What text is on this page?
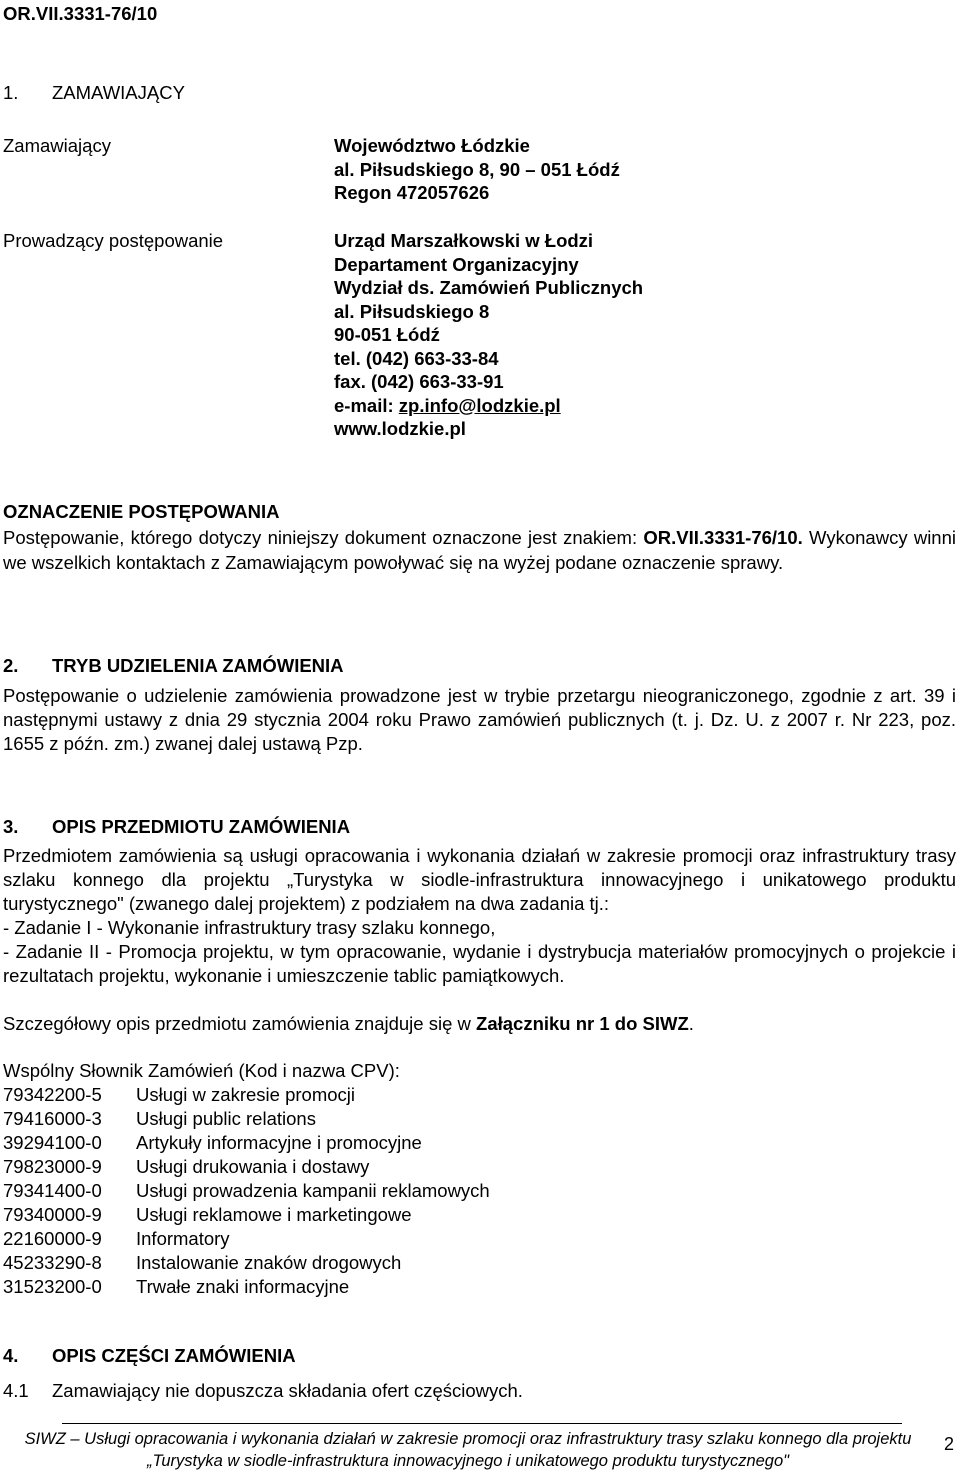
OR.VII.3331-76/10
1. ZAMAWIAJĄCY
Zamawiający	Województwo Łódzkie
al. Piłsudskiego 8, 90 – 051 Łódź
Regon 472057626
Prowadzący postępowanie	Urząd Marszałkowski w Łodzi
Departament Organizacyjny
Wydział ds. Zamówień Publicznych
al. Piłsudskiego 8
90-051 Łódź
tel. (042) 663-33-84
fax. (042) 663-33-91
e-mail: zp.info@lodzkie.pl
www.lodzkie.pl
OZNACZENIE POSTĘPOWANIA
Postępowanie, którego dotyczy niniejszy dokument oznaczone jest znakiem: OR.VII.3331-76/10. Wykonawcy winni we wszelkich kontaktach z Zamawiającym powoływać się na wyżej podane oznaczenie sprawy.
2. TRYB UDZIELENIA ZAMÓWIENIA
Postępowanie o udzielenie zamówienia prowadzone jest w trybie przetargu nieograniczonego, zgodnie z art. 39 i następnymi ustawy z dnia 29 stycznia 2004 roku Prawo zamówień publicznych (t. j. Dz. U. z 2007 r. Nr 223, poz. 1655 z późn. zm.) zwanej dalej ustawą Pzp.
3. OPIS PRZEDMIOTU ZAMÓWIENIA
Przedmiotem zamówienia są usługi opracowania i wykonania działań w zakresie promocji oraz infrastruktury trasy szlaku konnego dla projektu „Turystyka w siodle-infrastruktura innowacyjnego i unikatowego produktu turystycznego" (zwanego dalej projektem) z podziałem na dwa zadania tj.:
- Zadanie I - Wykonanie infrastruktury trasy szlaku konnego,
- Zadanie II - Promocja projektu, w tym opracowanie, wydanie i dystrybucja materiałów promocyjnych o projekcie i rezultatach projektu, wykonanie i umieszczenie tablic pamiątkowych.
Szczegółowy opis przedmiotu zamówienia znajduje się w Załączniku nr 1 do SIWZ.
Wspólny Słownik Zamówień (Kod i nazwa CPV):
79342200-5 Usługi w zakresie promocji
79416000-3 Usługi public relations
39294100-0 Artykuły informacyjne i promocyjne
79823000-9 Usługi drukowania i dostawy
79341400-0 Usługi prowadzenia kampanii reklamowych
79340000-9 Usługi reklamowe i marketingowe
22160000-9 Informatory
45233290-8 Instalowanie znaków drogowych
31523200-0 Trwałe znaki informacyjne
4. OPIS CZĘŚCI ZAMÓWIENIA
4.1 Zamawiający nie dopuszcza składania ofert częściowych.
SIWZ – Usługi opracowania i wykonania działań w zakresie promocji oraz infrastruktury trasy szlaku konnego dla projektu
„Turystyka w siodle-infrastruktura innowacyjnego i unikatowego produktu turystycznego"
2
